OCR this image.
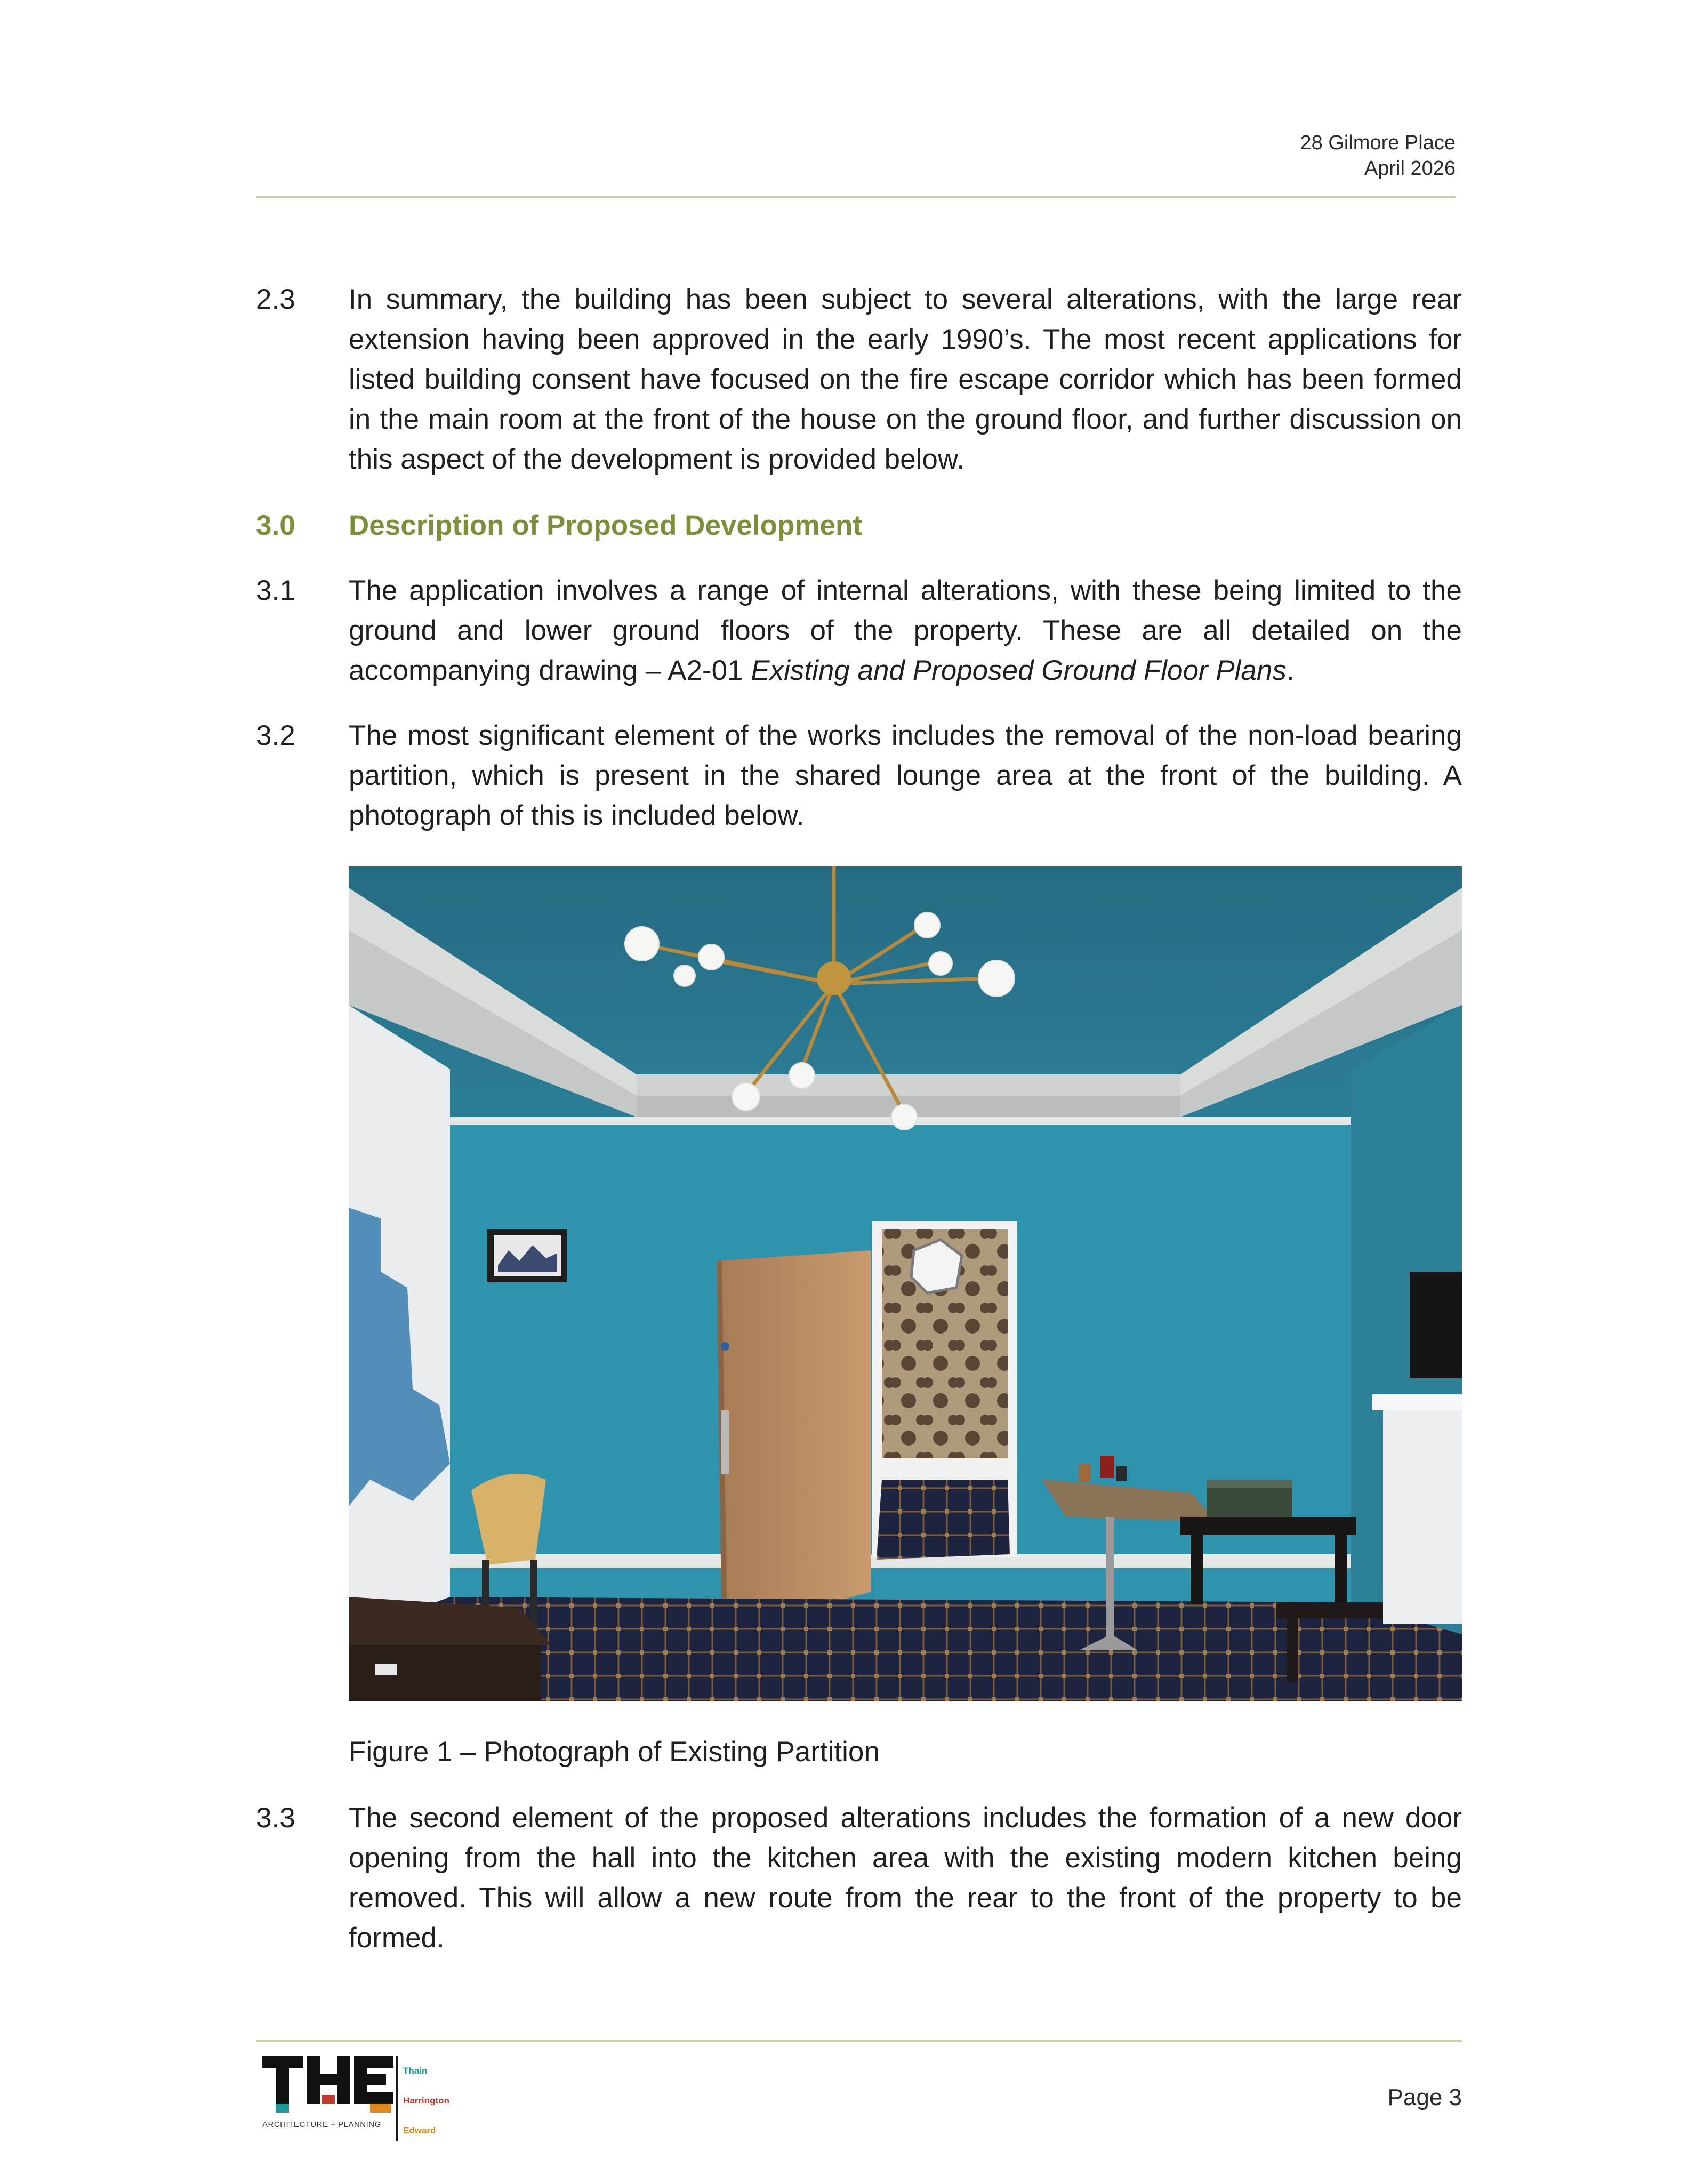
28 Gilmore Place
April 2026
2.3	In summary, the building has been subject to several alterations, with the large rear extension having been approved in the early 1990’s. The most recent applications for listed building consent have focused on the fire escape corridor which has been formed in the main room at the front of the house on the ground floor, and further discussion on this aspect of the development is provided below.
3.0 Description of Proposed Development
3.1	The application involves a range of internal alterations, with these being limited to the ground and lower ground floors of the property. These are all detailed on the accompanying drawing – A2-01 Existing and Proposed Ground Floor Plans.
3.2	The most significant element of the works includes the removal of the non-load bearing partition, which is present in the shared lounge area at the front of the building. A photograph of this is included below.
Figure 1 – Photograph of Existing Partition
3.3	The second element of the proposed alterations includes the formation of a new door opening from the hall into the kitchen area with the existing modern kitchen being removed. This will allow a new route from the rear to the front of the property to be formed.
ARCHITECTURE + PLANNING
Thain
Harrington
Edward
Page 3
